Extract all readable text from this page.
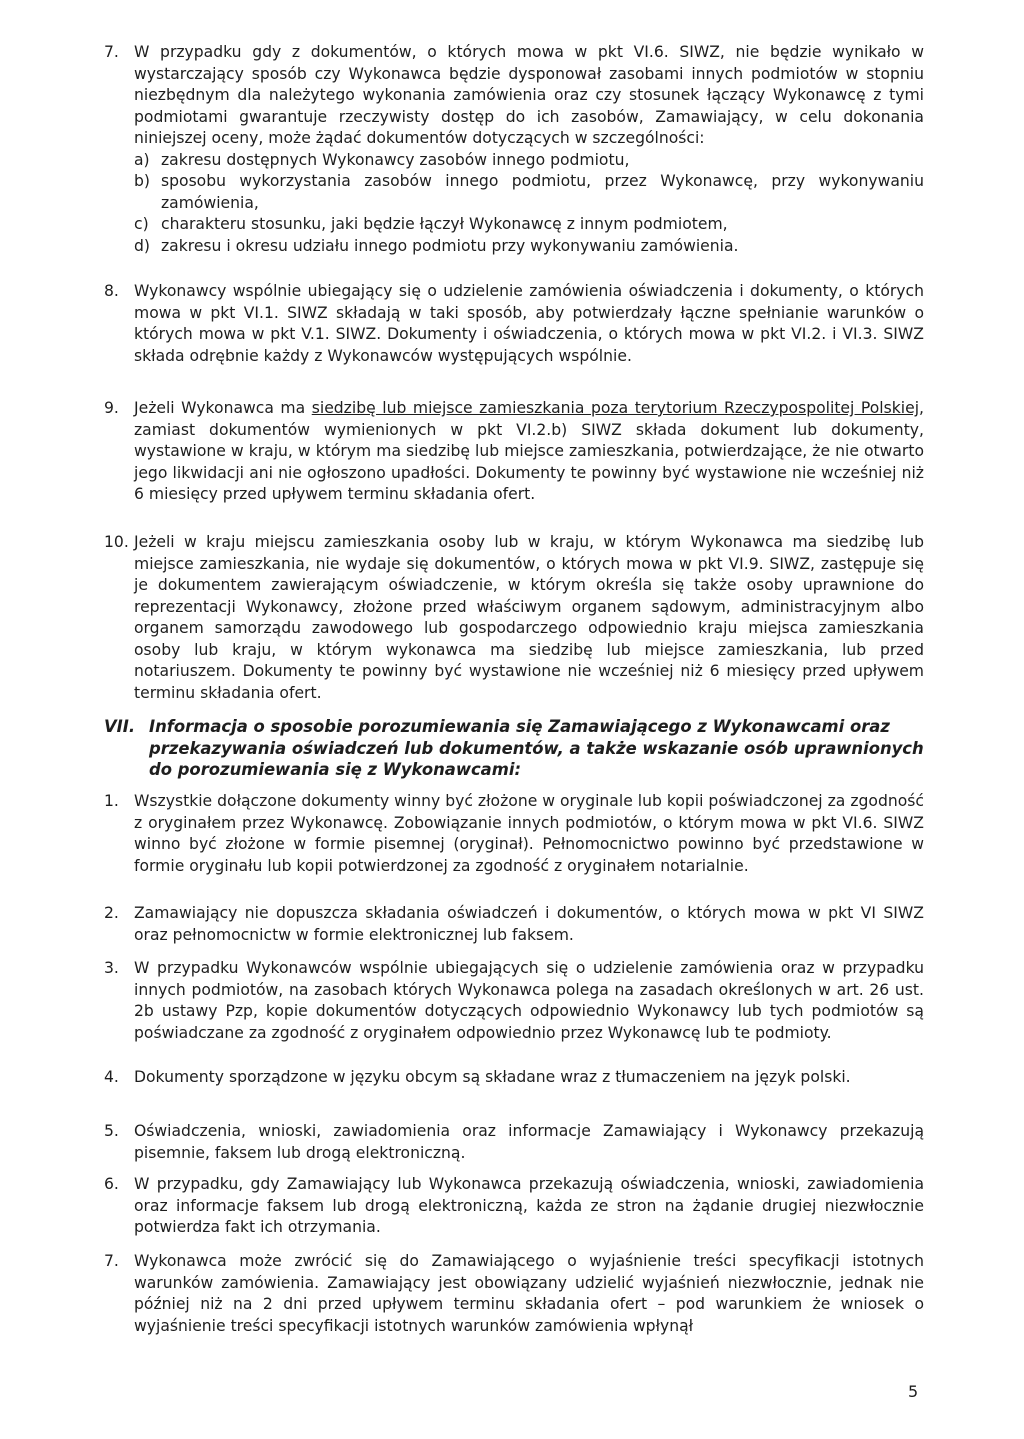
7. W przypadku gdy z dokumentów, o których mowa w pkt VI.6. SIWZ, nie będzie wynikało w wystarczający sposób czy Wykonawca będzie dysponował zasobami innych podmiotów w stopniu niezbędnym dla należytego wykonania zamówienia oraz czy stosunek łączący Wykonawcę z tymi podmiotami gwarantuje rzeczywisty dostęp do ich zasobów, Zamawiający, w celu dokonania niniejszej oceny, może żądać dokumentów dotyczących w szczególności:
a) zakresu dostępnych Wykonawcy zasobów innego podmiotu,
b) sposobu wykorzystania zasobów innego podmiotu, przez Wykonawcę, przy wykonywaniu zamówienia,
c) charakteru stosunku, jaki będzie łączył Wykonawcę z innym podmiotem,
d) zakresu i okresu udziału innego podmiotu przy wykonywaniu zamówienia.
8. Wykonawcy wspólnie ubiegający się o udzielenie zamówienia oświadczenia i dokumenty, o których mowa w pkt VI.1. SIWZ składają w taki sposób, aby potwierdzały łączne spełnianie warunków o których mowa w pkt V.1. SIWZ. Dokumenty i oświadczenia, o których mowa w pkt VI.2. i VI.3. SIWZ składa odrębnie każdy z Wykonawców występujących wspólnie.
9. Jeżeli Wykonawca ma siedzibę lub miejsce zamieszkania poza terytorium Rzeczypospolitej Polskiej, zamiast dokumentów wymienionych w pkt VI.2.b) SIWZ składa dokument lub dokumenty, wystawione w kraju, w którym ma siedzibę lub miejsce zamieszkania, potwierdzające, że nie otwarto jego likwidacji ani nie ogłoszono upadłości. Dokumenty te powinny być wystawione nie wcześniej niż 6 miesięcy przed upływem terminu składania ofert.
10. Jeżeli w kraju miejscu zamieszkania osoby lub w kraju, w którym Wykonawca ma siedzibę lub miejsce zamieszkania, nie wydaje się dokumentów, o których mowa w pkt VI.9. SIWZ, zastępuje się je dokumentem zawierającym oświadczenie, w którym określa się także osoby uprawnione do reprezentacji Wykonawcy, złożone przed właściwym organem sądowym, administracyjnym albo organem samorządu zawodowego lub gospodarczego odpowiednio kraju miejsca zamieszkania osoby lub kraju, w którym wykonawca ma siedzibę lub miejsce zamieszkania, lub przed notariuszem. Dokumenty te powinny być wystawione nie wcześniej niż 6 miesięcy przed upływem terminu składania ofert.
VII. Informacja o sposobie porozumiewania się Zamawiającego z Wykonawcami oraz przekazywania oświadczeń lub dokumentów, a także wskazanie osób uprawnionych do porozumiewania się z Wykonawcami:
1. Wszystkie dołączone dokumenty winny być złożone w oryginale lub kopii poświadczonej za zgodność z oryginałem przez Wykonawcę. Zobowiązanie innych podmiotów, o którym mowa w pkt VI.6. SIWZ winno być złożone w formie pisemnej (oryginał). Pełnomocnictwo powinno być przedstawione w formie oryginału lub kopii potwierdzonej za zgodność z oryginałem notarialnie.
2. Zamawiający nie dopuszcza składania oświadczeń i dokumentów, o których mowa w pkt VI SIWZ oraz pełnomocnictw w formie elektronicznej lub faksem.
3. W przypadku Wykonawców wspólnie ubiegających się o udzielenie zamówienia oraz w przypadku innych podmiotów, na zasobach których Wykonawca polega na zasadach określonych w art. 26 ust. 2b ustawy Pzp, kopie dokumentów dotyczących odpowiednio Wykonawcy lub tych podmiotów są poświadczane za zgodność z oryginałem odpowiednio przez Wykonawcę lub te podmioty.
4. Dokumenty sporządzone w języku obcym są składane wraz z tłumaczeniem na język polski.
5. Oświadczenia, wnioski, zawiadomienia oraz informacje Zamawiający i Wykonawcy przekazują pisemnie, faksem lub drogą elektroniczną.
6. W przypadku, gdy Zamawiający lub Wykonawca przekazują oświadczenia, wnioski, zawiadomienia oraz informacje faksem lub drogą elektroniczną, każda ze stron na żądanie drugiej niezwłocznie potwierdza fakt ich otrzymania.
7. Wykonawca może zwrócić się do Zamawiającego o wyjaśnienie treści specyfikacji istotnych warunków zamówienia. Zamawiający jest obowiązany udzielić wyjaśnień niezwłocznie, jednak nie później niż na 2 dni przed upływem terminu składania ofert – pod warunkiem że wniosek o wyjaśnienie treści specyfikacji istotnych warunków zamówienia wpłynął
5
